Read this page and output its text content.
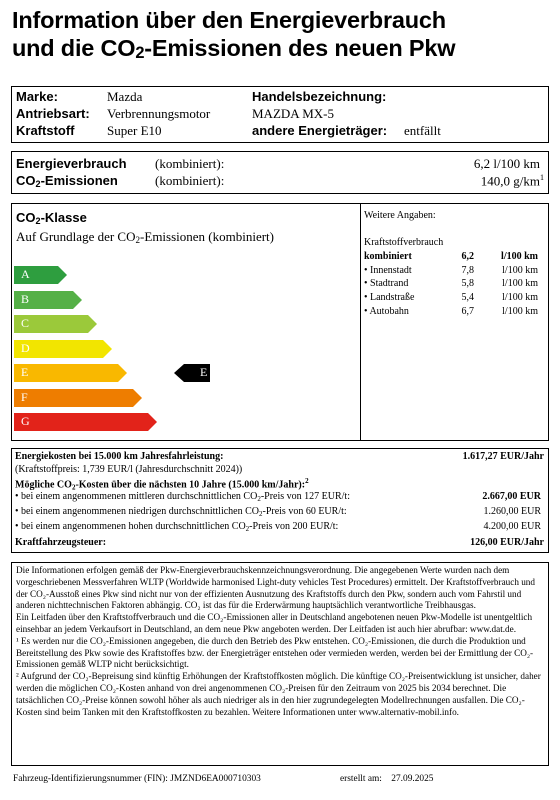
Information über den Energieverbrauch
und die $CO_2$-Emissionen des neuen Pkw
Marke:	Mazda
Antriebsart: Verbrennungsmotor
Kraftstoff	Super E10
Handelsbezeichnung:
MAZDA MX-5
andere Energieträger: entfällt
Energieverbrauch (kombiniert):	6,2 l/100 km
$CO_2$-Emissionen	(kombiniert):	140,0 $g/km^1$
$CO_2$-Klasse
Auf Grundlage der $CO_2$-Emissionen (kombiniert)
A
B
C
D
E	E
F
G
Weitere Angaben:
Kraftstoffverbrauch
kombiniert	6,2	l/100 km
• Innenstadt	7,8	l/100 km
• Stadtrand	5,8	l/100 km
• Landstraße	5,4	l/100 km
• Autobahn	6,7	l/100 km
Energiekosten bei 15.000 km Jahresfahrleistung:	1.617,27 EUR/Jahr
(Kraftstoffpreis: 1,739 EUR/l (Jahresdurchschnitt 2024))
Mögliche $CO_2$-Kosten über die nächsten 10 Jahre (15.000 km/Jahr):$^2$
• bei einem angenommenen mittleren durchschnittlichen $CO_2$-Preis von 127 EUR/t:	2.667,00 EUR
• bei einem angenommenen niedrigen durchschnittlichen $CO_2$-Preis von 60 EUR/t:	1.260,00 EUR
• bei einem angenommenen hohen durchschnittlichen $CO_2$-Preis von 200 EUR/t:	4.200,00 EUR
Kraftfahrzeugsteuer:	126,00 EUR/Jahr

Die Informationen erfolgen gemäß der Pkw-Energieverbrauchskennzeichnungsverordnung. Die angegebenen Werte wurden nach dem vorgeschriebenen Messverfahren WLTP (Worldwide harmonised Light-duty vehicles Test Procedures) ermittelt. Der Kraftstoffverbrauch und der CO₂-Ausstoß eines Pkw sind nicht nur von der effizienten Ausnutzung des Kraftstoffs durch den Pkw, sondern auch vom Fahrstil und anderen nichttechnischen Faktoren abhängig. CO₂ ist das für die Erderwärmung hauptsächlich verantwortliche Treibhausgas.

Ein Leitfaden über den Kraftstoffverbrauch und die CO₂-Emissionen aller in Deutschland angebotenen neuen Pkw-Modelle ist unentgeltlich einsehbar an jedem Verkaufsort in Deutschland, an dem neue Pkw angeboten werden. Der Leitfaden ist auch hier abrufbar: www.dat.de.

¹ Es werden nur die CO₂-Emissionen angegeben, die durch den Betrieb des Pkw entstehen. CO₂-Emissionen, die durch die Produktion und Bereitstellung des Pkw sowie des Kraftstoffes bzw. der Energieträger entstehen oder vermieden werden, werden bei der Ermittlung der CO₂-Emissionen gemäß WLTP nicht berücksichtigt.

² Aufgrund der CO₂-Bepreisung sind künftig Erhöhungen der Kraftstoffkosten möglich. Die künftige CO₂-Preisentwicklung ist unsicher, daher werden die möglichen CO₂-Kosten anhand von drei angenommenen CO₂-Preisen für den Zeitraum von 2025 bis 2034 berechnet. Die tatsächlichen CO₂-Preise können sowohl höher als auch niedriger als in den hier zugrundegelegten Modellrechnungen ausfallen. Die CO₂-Kosten sind beim Tanken mit den Kraftstoffkosten zu bezahlen. Weitere Informationen unter www.alternativ-mobil.info.

Fahrzeug-Identifizierungsnummer (FIN): JMZND6EA000710303	erstellt am: 27.09.2025
